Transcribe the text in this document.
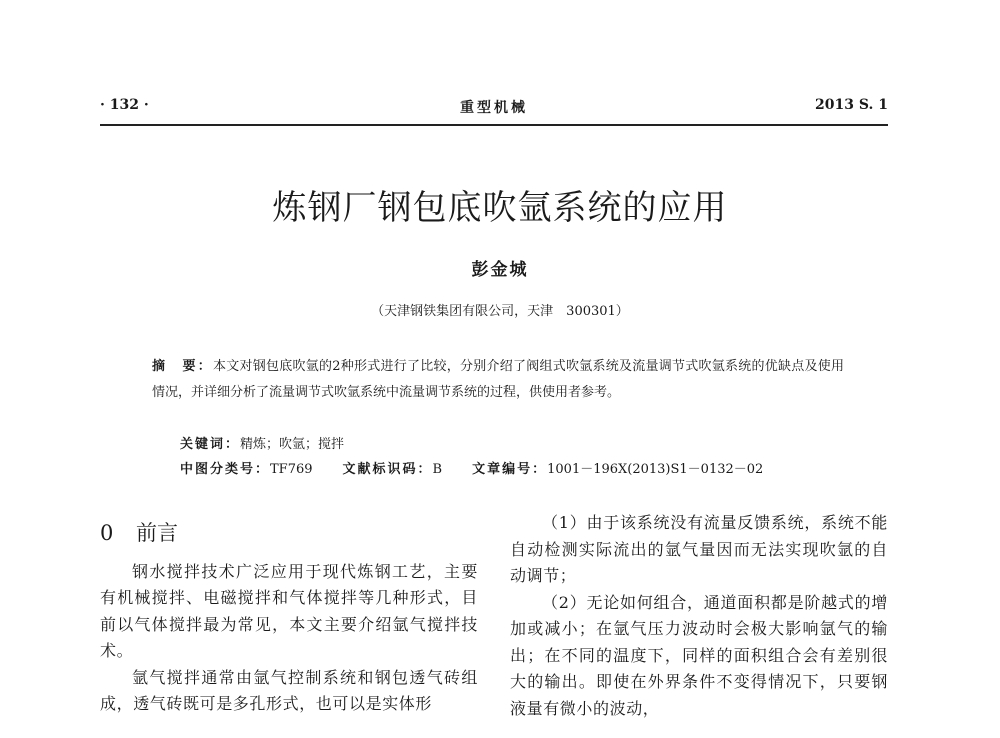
· 132 ·	重型机械	2013 S. 1
炼钢厂钢包底吹氩系统的应用
彭金城
（天津钢铁集团有限公司，天津　300301）
摘　要：本文对钢包底吹氩的2种形式进行了比较，分别介绍了阀组式吹氩系统及流量调节式吹氩系统的优缺点及使用情况，并详细分析了流量调节式吹氩系统中流量调节系统的过程，供使用者参考。
关键词：精炼；吹氩；搅拌
中图分类号：TF769 文献标识码：B 文章编号：1001－196X(2013)S1－0132－02
0 前言

钢水搅拌技术广泛应用于现代炼钢工艺，主要有机械搅拌、电磁搅拌和气体搅拌等几种形式，目前以气体搅拌最为常见，本文主要介绍氩气搅拌技术。

氩气搅拌通常由氩气控制系统和钢包透气砖组成，透气砖既可是多孔形式，也可以是实体形

（1）由于该系统没有流量反馈系统，系统不能自动检测实际流出的氩气量因而无法实现吹氩的自动调节；

（2）无论如何组合，通道面积都是阶越式的增加或减小；在氩气压力波动时会极大影响氩气的输出；在不同的温度下，同样的面积组合会有差别很大的输出。即使在外界条件不变得情况下，只要钢液量有微小的波动，
